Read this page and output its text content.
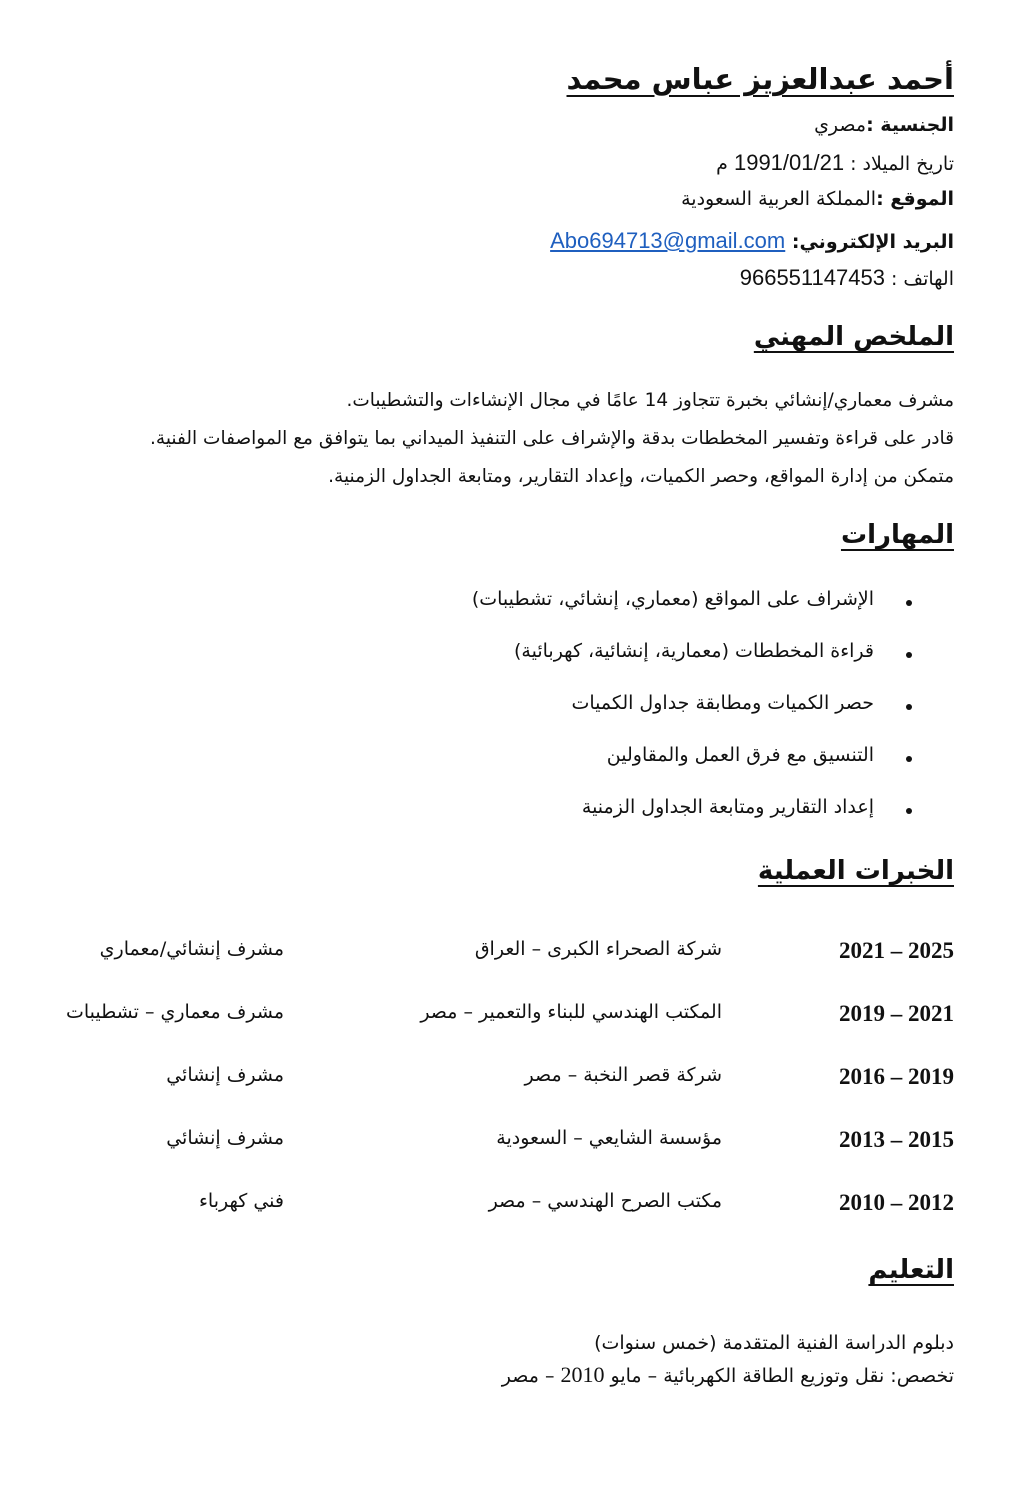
أحمد عبدالعزيز عباس محمد
الجنسية :مصري
تاريخ الميلاد : 1991/01/21 م
الموقع :المملكة العربية السعودية
البريد الإلكتروني: Abo694713@gmail.com
الهاتف : 966551147453
الملخص المهني
مشرف معماري/إنشائي بخبرة تتجاوز 14 عامًا في مجال الإنشاءات والتشطيبات.
قادر على قراءة وتفسير المخططات بدقة والإشراف على التنفيذ الميداني بما يتوافق مع المواصفات الفنية.
متمكن من إدارة المواقع، وحصر الكميات، وإعداد التقارير، ومتابعة الجداول الزمنية.
المهارات
الإشراف على المواقع (معماري، إنشائي، تشطيبات)
قراءة المخططات (معمارية، إنشائية، كهربائية)
حصر الكميات ومطابقة جداول الكميات
التنسيق مع فرق العمل والمقاولين
إعداد التقارير ومتابعة الجداول الزمنية
الخبرات العملية
2021 – 2025
شركة الصحراء الكبرى – العراق
مشرف إنشائي/معماري
2019 – 2021
المكتب الهندسي للبناء والتعمير – مصر
مشرف معماري – تشطيبات
2016 – 2019
شركة قصر النخبة – مصر
مشرف إنشائي
2013 – 2015
مؤسسة الشايعي – السعودية
مشرف إنشائي
2010 – 2012
مكتب الصرح الهندسي – مصر
فني كهرباء
التعليم
دبلوم الدراسة الفنية المتقدمة (خمس سنوات)
تخصص: نقل وتوزيع الطاقة الكهربائية – مايو 2010 – مصر
